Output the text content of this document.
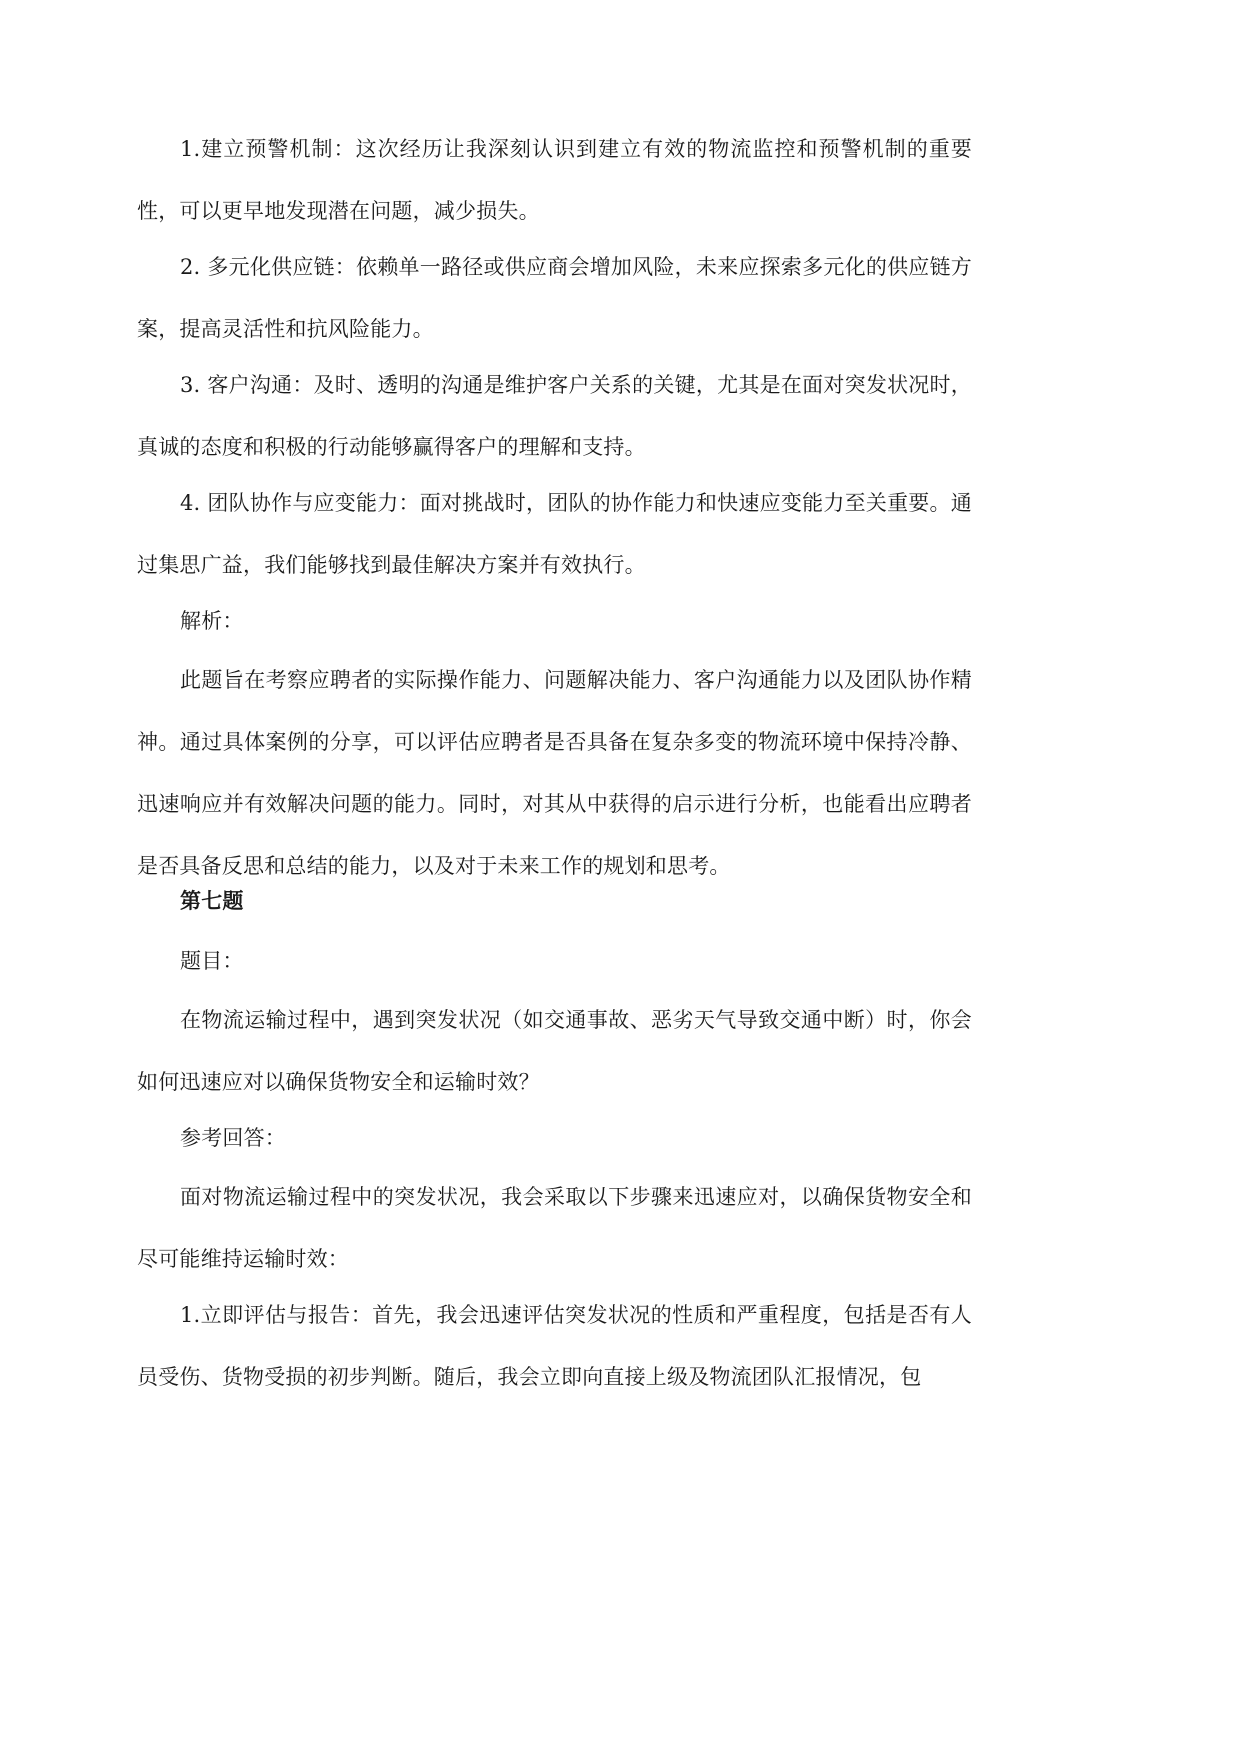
1.建立预警机制：这次经历让我深刻认识到建立有效的物流监控和预警机制的重要性，可以更早地发现潜在问题，减少损失。

2. 多元化供应链：依赖单一路径或供应商会增加风险，未来应探索多元化的供应链方案，提高灵活性和抗风险能力。

3. 客户沟通：及时、透明的沟通是维护客户关系的关键，尤其是在面对突发状况时，真诚的态度和积极的行动能够赢得客户的理解和支持。

4. 团队协作与应变能力：面对挑战时，团队的协作能力和快速应变能力至关重要。通过集思广益，我们能够找到最佳解决方案并有效执行。

解析：

此题旨在考察应聘者的实际操作能力、问题解决能力、客户沟通能力以及团队协作精神。通过具体案例的分享，可以评估应聘者是否具备在复杂多变的物流环境中保持冷静、迅速响应并有效解决问题的能力。同时，对其从中获得的启示进行分析，也能看出应聘者是否具备反思和总结的能力，以及对于未来工作的规划和思考。

第七题

题目：

在物流运输过程中，遇到突发状况（如交通事故、恶劣天气导致交通中断）时，你会如何迅速应对以确保货物安全和运输时效？

参考回答：

面对物流运输过程中的突发状况，我会采取以下步骤来迅速应对，以确保货物安全和尽可能维持运输时效：

1.立即评估与报告：首先，我会迅速评估突发状况的性质和严重程度，包括是否有人员受伤、货物受损的初步判断。随后，我会立即向直接上级及物流团队汇报情况，包
